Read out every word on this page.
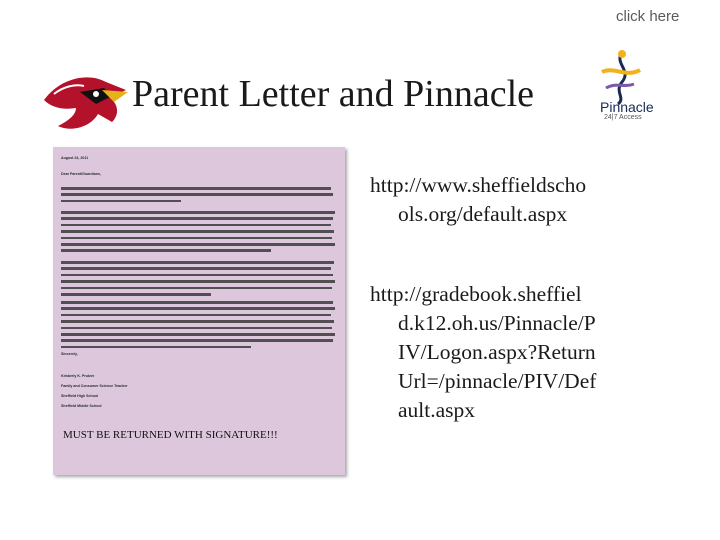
Parent Letter and Pinnacle
click here
Pinnacle
24|7 Access
August 24, 2011
Dear Parent/Guardians,
Sincerely,
Kimberly K. Prutzer
Family and Consumer Science Teacher
Sheffield High School
Sheffield Middle School
MUST BE RETURNED WITH SIGNATURE!!!
http://www.sheffieldscho
ols.org/default.aspx
http://gradebook.sheffiel
d.k12.oh.us/Pinnacle/P
IV/Logon.aspx?Return
Url=/pinnacle/PIV/Def
ault.aspx
